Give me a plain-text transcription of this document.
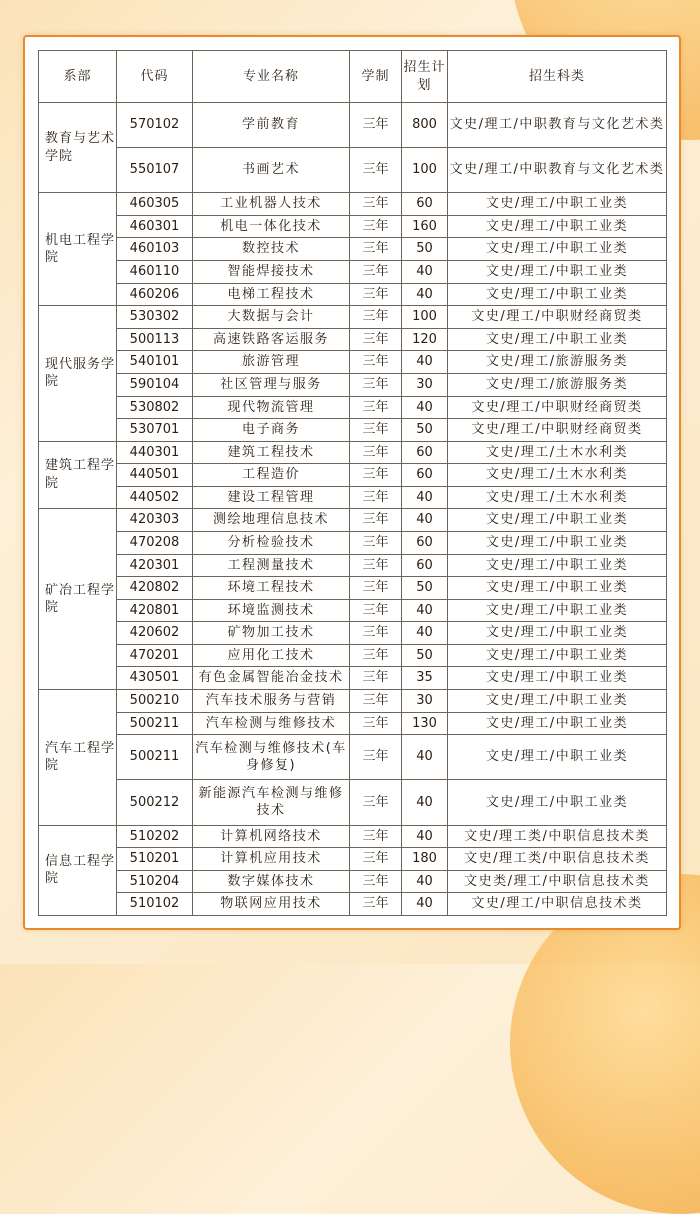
系部	代码	专业名称	学制	招生计划	招生科类
教育与艺术学院	570102	学前教育	三年	800	文史/理工/中职教育与文化艺术类
	550107	书画艺术	三年	100	文史/理工/中职教育与文化艺术类
机电工程学院	460305	工业机器人技术	三年	60	文史/理工/中职工业类
	460301	机电一体化技术	三年	160	文史/理工/中职工业类
	460103	数控技术	三年	50	文史/理工/中职工业类
	460110	智能焊接技术	三年	40	文史/理工/中职工业类
	460206	电梯工程技术	三年	40	文史/理工/中职工业类
现代服务学院	530302	大数据与会计	三年	100	文史/理工/中职财经商贸类
	500113	高速铁路客运服务	三年	120	文史/理工/中职工业类
	540101	旅游管理	三年	40	文史/理工/旅游服务类
	590104	社区管理与服务	三年	30	文史/理工/旅游服务类
	530802	现代物流管理	三年	40	文史/理工/中职财经商贸类
	530701	电子商务	三年	50	文史/理工/中职财经商贸类
建筑工程学院	440301	建筑工程技术	三年	60	文史/理工/土木水利类
	440501	工程造价	三年	60	文史/理工/土木水利类
	440502	建设工程管理	三年	40	文史/理工/土木水利类
矿冶工程学院	420303	测绘地理信息技术	三年	40	文史/理工/中职工业类
	470208	分析检验技术	三年	60	文史/理工/中职工业类
	420301	工程测量技术	三年	60	文史/理工/中职工业类
	420802	环境工程技术	三年	50	文史/理工/中职工业类
	420801	环境监测技术	三年	40	文史/理工/中职工业类
	420602	矿物加工技术	三年	40	文史/理工/中职工业类
	470201	应用化工技术	三年	50	文史/理工/中职工业类
	430501	有色金属智能冶金技术	三年	35	文史/理工/中职工业类
汽车工程学院	500210	汽车技术服务与营销	三年	30	文史/理工/中职工业类
	500211	汽车检测与维修技术	三年	130	文史/理工/中职工业类
	500211	汽车检测与维修技术(车身修复)	三年	40	文史/理工/中职工业类
	500212	新能源汽车检测与维修技术	三年	40	文史/理工/中职工业类
信息工程学院	510202	计算机网络技术	三年	40	文史/理工类/中职信息技术类
	510201	计算机应用技术	三年	180	文史/理工类/中职信息技术类
	510204	数字媒体技术	三年	40	文史类/理工/中职信息技术类
	510102	物联网应用技术	三年	40	文史/理工/中职信息技术类
